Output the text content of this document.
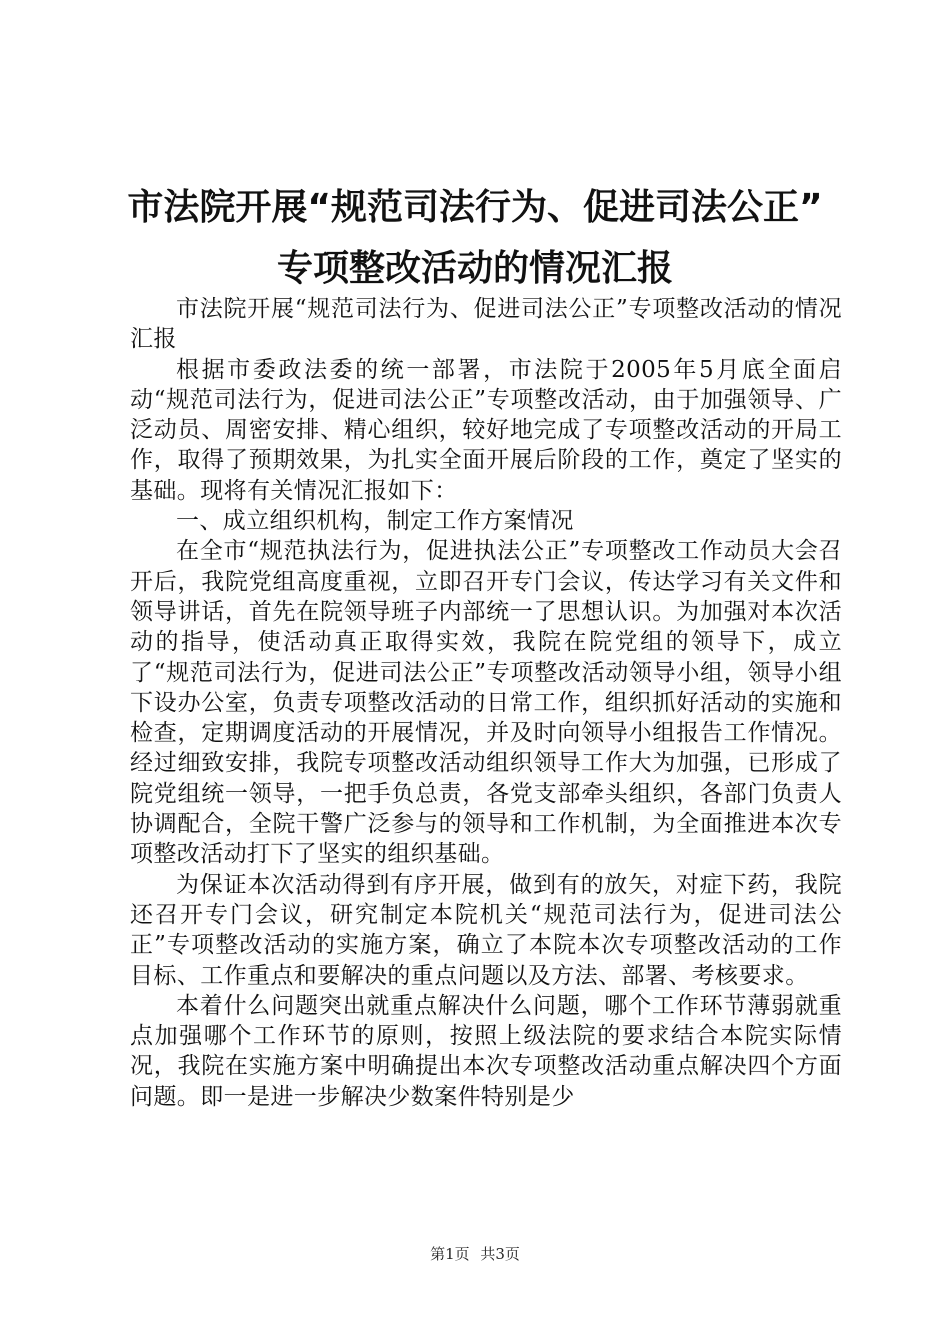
市法院开展“规范司法行为、促进司法公正”
专项整改活动的情况汇报

市法院开展“规范司法行为、促进司法公正”专项整改活动的情况汇报

根据市委政法委的统一部署，市法院于2005年5月底全面启动“规范司法行为，促进司法公正”专项整改活动，由于加强领导、广泛动员、周密安排、精心组织，较好地完成了专项整改活动的开局工作，取得了预期效果，为扎实全面开展后阶段的工作，奠定了坚实的基础。现将有关情况汇报如下：

一、成立组织机构，制定工作方案情况

在全市“规范执法行为，促进执法公正”专项整改工作动员大会召开后，我院党组高度重视，立即召开专门会议，传达学习有关文件和领导讲话，首先在院领导班子内部统一了思想认识。为加强对本次活动的指导，使活动真正取得实效，我院在院党组的领导下，成立了“规范司法行为，促进司法公正”专项整改活动领导小组，领导小组下设办公室，负责专项整改活动的日常工作，组织抓好活动的实施和检查，定期调度活动的开展情况，并及时向领导小组报告工作情况。经过细致安排，我院专项整改活动组织领导工作大为加强，已形成了院党组统一领导，一把手负总责，各党支部牵头组织，各部门负责人协调配合，全院干警广泛参与的领导和工作机制，为全面推进本次专项整改活动打下了坚实的组织基础。

为保证本次活动得到有序开展，做到有的放矢，对症下药，我院还召开专门会议，研究制定本院机关“规范司法行为，促进司法公正”专项整改活动的实施方案，确立了本院本次专项整改活动的工作目标、工作重点和要解决的重点问题以及方法、部署、考核要求。

本着什么问题突出就重点解决什么问题，哪个工作环节薄弱就重点加强哪个工作环节的原则，按照上级法院的要求结合本院实际情况，我院在实施方案中明确提出本次专项整改活动重点解决四个方面问题。即一是进一步解决少数案件特别是少

第1页 共3页
